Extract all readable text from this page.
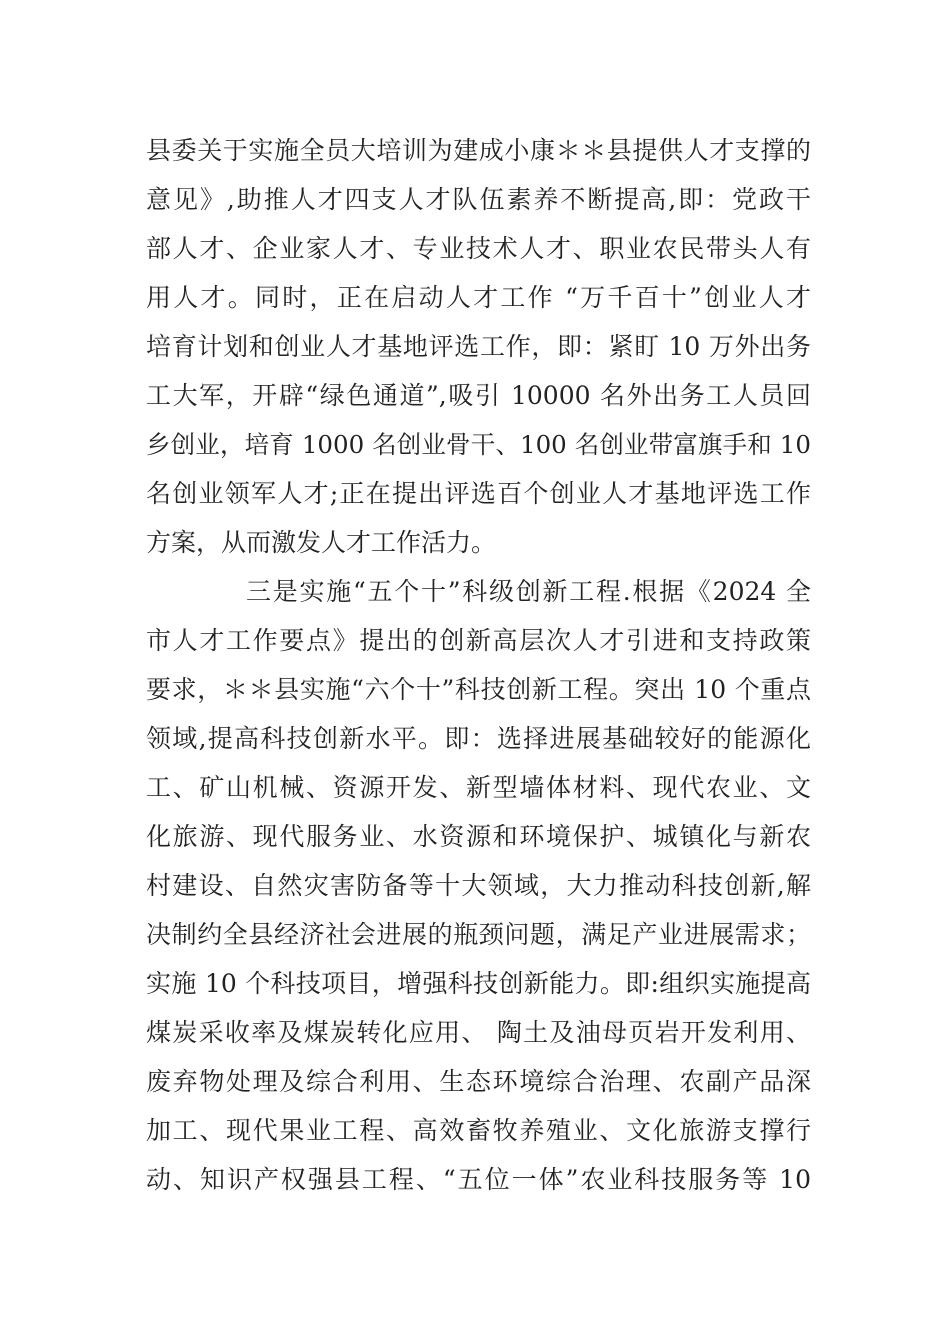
县委关于实施全员大培训为建成小康＊＊县提供人才支撑的
意见》,助推人才四支人才队伍素养不断提高,即：党政干
部人才、企业家人才、专业技术人才、职业农民带头人有
用人才。同时，正在启动人才工作 “万千百十”创业人才
培育计划和创业人才基地评选工作，即：紧盯 10 万外出务
工大军，开辟“绿色通道”,吸引 10000 名外出务工人员回
乡创业，培育 1000 名创业骨干、100 名创业带富旗手和 10
名创业领军人才;正在提出评选百个创业人才基地评选工作
方案，从而激发人才工作活力。
三是实施“五个十”科级创新工程.根据《2024 全
市人才工作要点》提出的创新高层次人才引进和支持政策
要求，＊＊县实施“六个十”科技创新工程。突出 10 个重点
领域,提高科技创新水平。即：选择进展基础较好的能源化
工、矿山机械、资源开发、新型墙体材料、现代农业、文
化旅游、现代服务业、水资源和环境保护、城镇化与新农
村建设、自然灾害防备等十大领域，大力推动科技创新,解
决制约全县经济社会进展的瓶颈问题，满足产业进展需求；
实施 10 个科技项目，增强科技创新能力。即:组织实施提高
煤炭采收率及煤炭转化应用、 陶土及油母页岩开发利用、
废弃物处理及综合利用、生态环境综合治理、农副产品深
加工、现代果业工程、高效畜牧养殖业、文化旅游支撑行
动、知识产权强县工程、“五位一体”农业科技服务等 10
